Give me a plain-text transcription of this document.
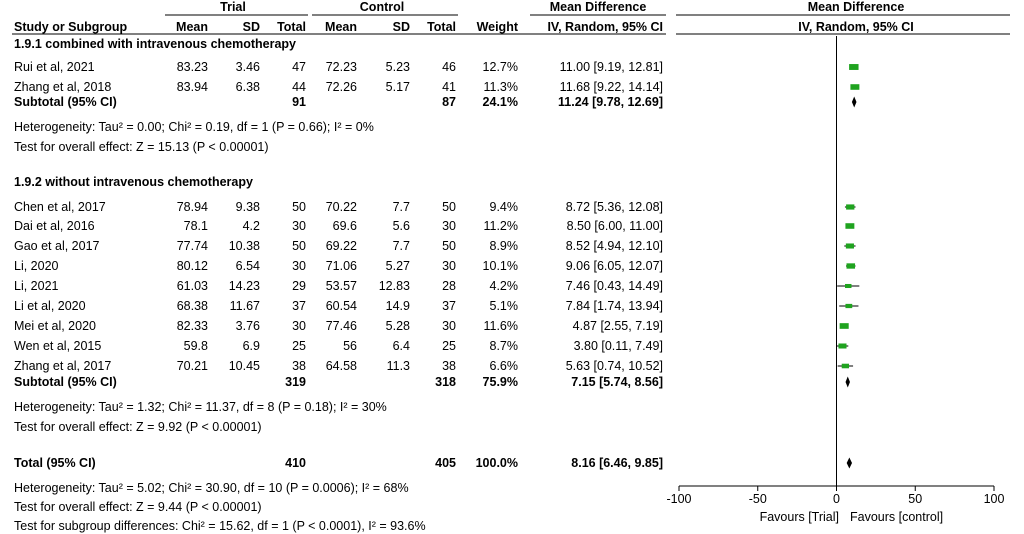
Trial	Control	Mean Difference	Mean Difference
Study or Subgroup	Mean	SD Total Mean	SD Total Weight IV, Random, 95% CI	IV, Random, 95% CI
1.9.1 combined with intravenous chemotherapy
Rui et al, 2021	83.23 3.46	47 72.23 5.23	46 12.7%	11.00 [9.19, 12.81]
Zhang et al, 2018	83.94 6.38	44 72.26 5.17	41 11.3%	11.68 [9.22, 14.14]
Subtotal (95% CI)	91	87 24.1%	11.24 [9.78, 12.69]
Heterogeneity: Tau² = 0.00; Chi² = 0.19, df = 1 (P = 0.66); I² = 0%
Test for overall effect: Z = 15.13 (P < 0.00001)
1.9.2 without intravenous chemotherapy
Chen et al, 2017	78.94 9.38	50 70.22	7.7	50	9.4%	8.72 [5.36, 12.08]
Dai et al, 2016	78.1	4.2	30 69.6	5.6	30 11.2%	8.50 [6.00, 11.00]
Gao et al, 2017	77.74 10.38	50 69.22	7.7	50	8.9%	8.52 [4.94, 12.10]
Li, 2020	80.12 6.54	30 71.06 5.27	30 10.1%	9.06 [6.05, 12.07]
Li, 2021	61.03 14.23	29 53.57 12.83	28	4.2%	7.46 [0.43, 14.49]
Li et al, 2020	68.38 11.67	37 60.54 14.9	37	5.1%	7.84 [1.74, 13.94]
Mei et al, 2020	82.33 3.76	30 77.46 5.28	30 11.6%	4.87 [2.55, 7.19]
Wen et al, 2015	59.8	6.9	25	56	6.4	25	8.7%	3.80 [0.11, 7.49]
Zhang et al, 2017	70.21 10.45	38 64.58 11.3	38	6.6%	5.63 [0.74, 10.52]
Subtotal (95% CI)	319	318 75.9%	7.15 [5.74, 8.56]
Heterogeneity: Tau² = 1.32; Chi² = 11.37, df = 8 (P = 0.18); I² = 30%
Test for overall effect: Z = 9.92 (P < 0.00001)
Total (95% CI)	410	405 100.0%	8.16 [6.46, 9.85]
Heterogeneity: Tau² = 5.02; Chi² = 30.90, df = 10 (P = 0.0006); I² = 68%
Test for overall effect: Z = 9.44 (P < 0.00001)
Test for subgroup differences: Chi² = 15.62, df = 1 (P < 0.0001), I² = 93.6%
-100	-50	0	50	100
Favours [Trial] Favours [control]
